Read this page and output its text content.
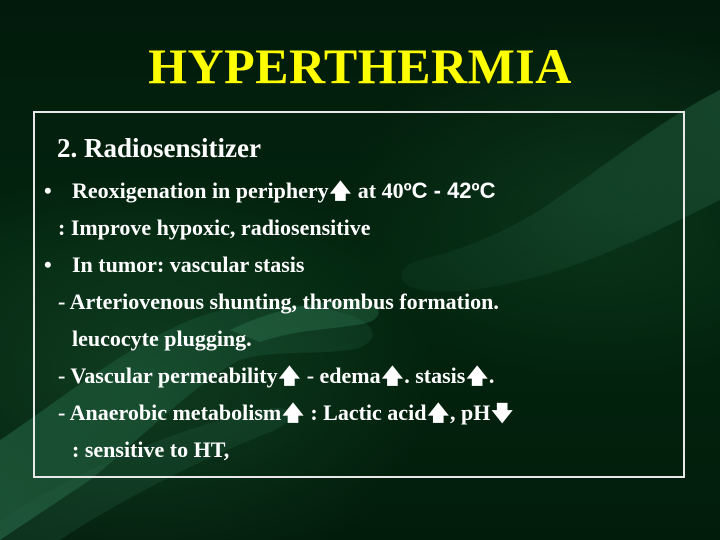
HYPERTHERMIA
2. Radiosensitizer
• Reoxigenation in periphery🡅 at 40ºC - 42ºC
: Improve hypoxic, radiosensitive
• In tumor: vascular stasis
- Arteriovenous shunting, thrombus formation.
leucocyte plugging.
- Vascular permeability🡅 - edema🡅. stasis🡅.
- Anaerobic metabolism🡅 : Lactic acid🡅, pH🡇
: sensitive to HT,
